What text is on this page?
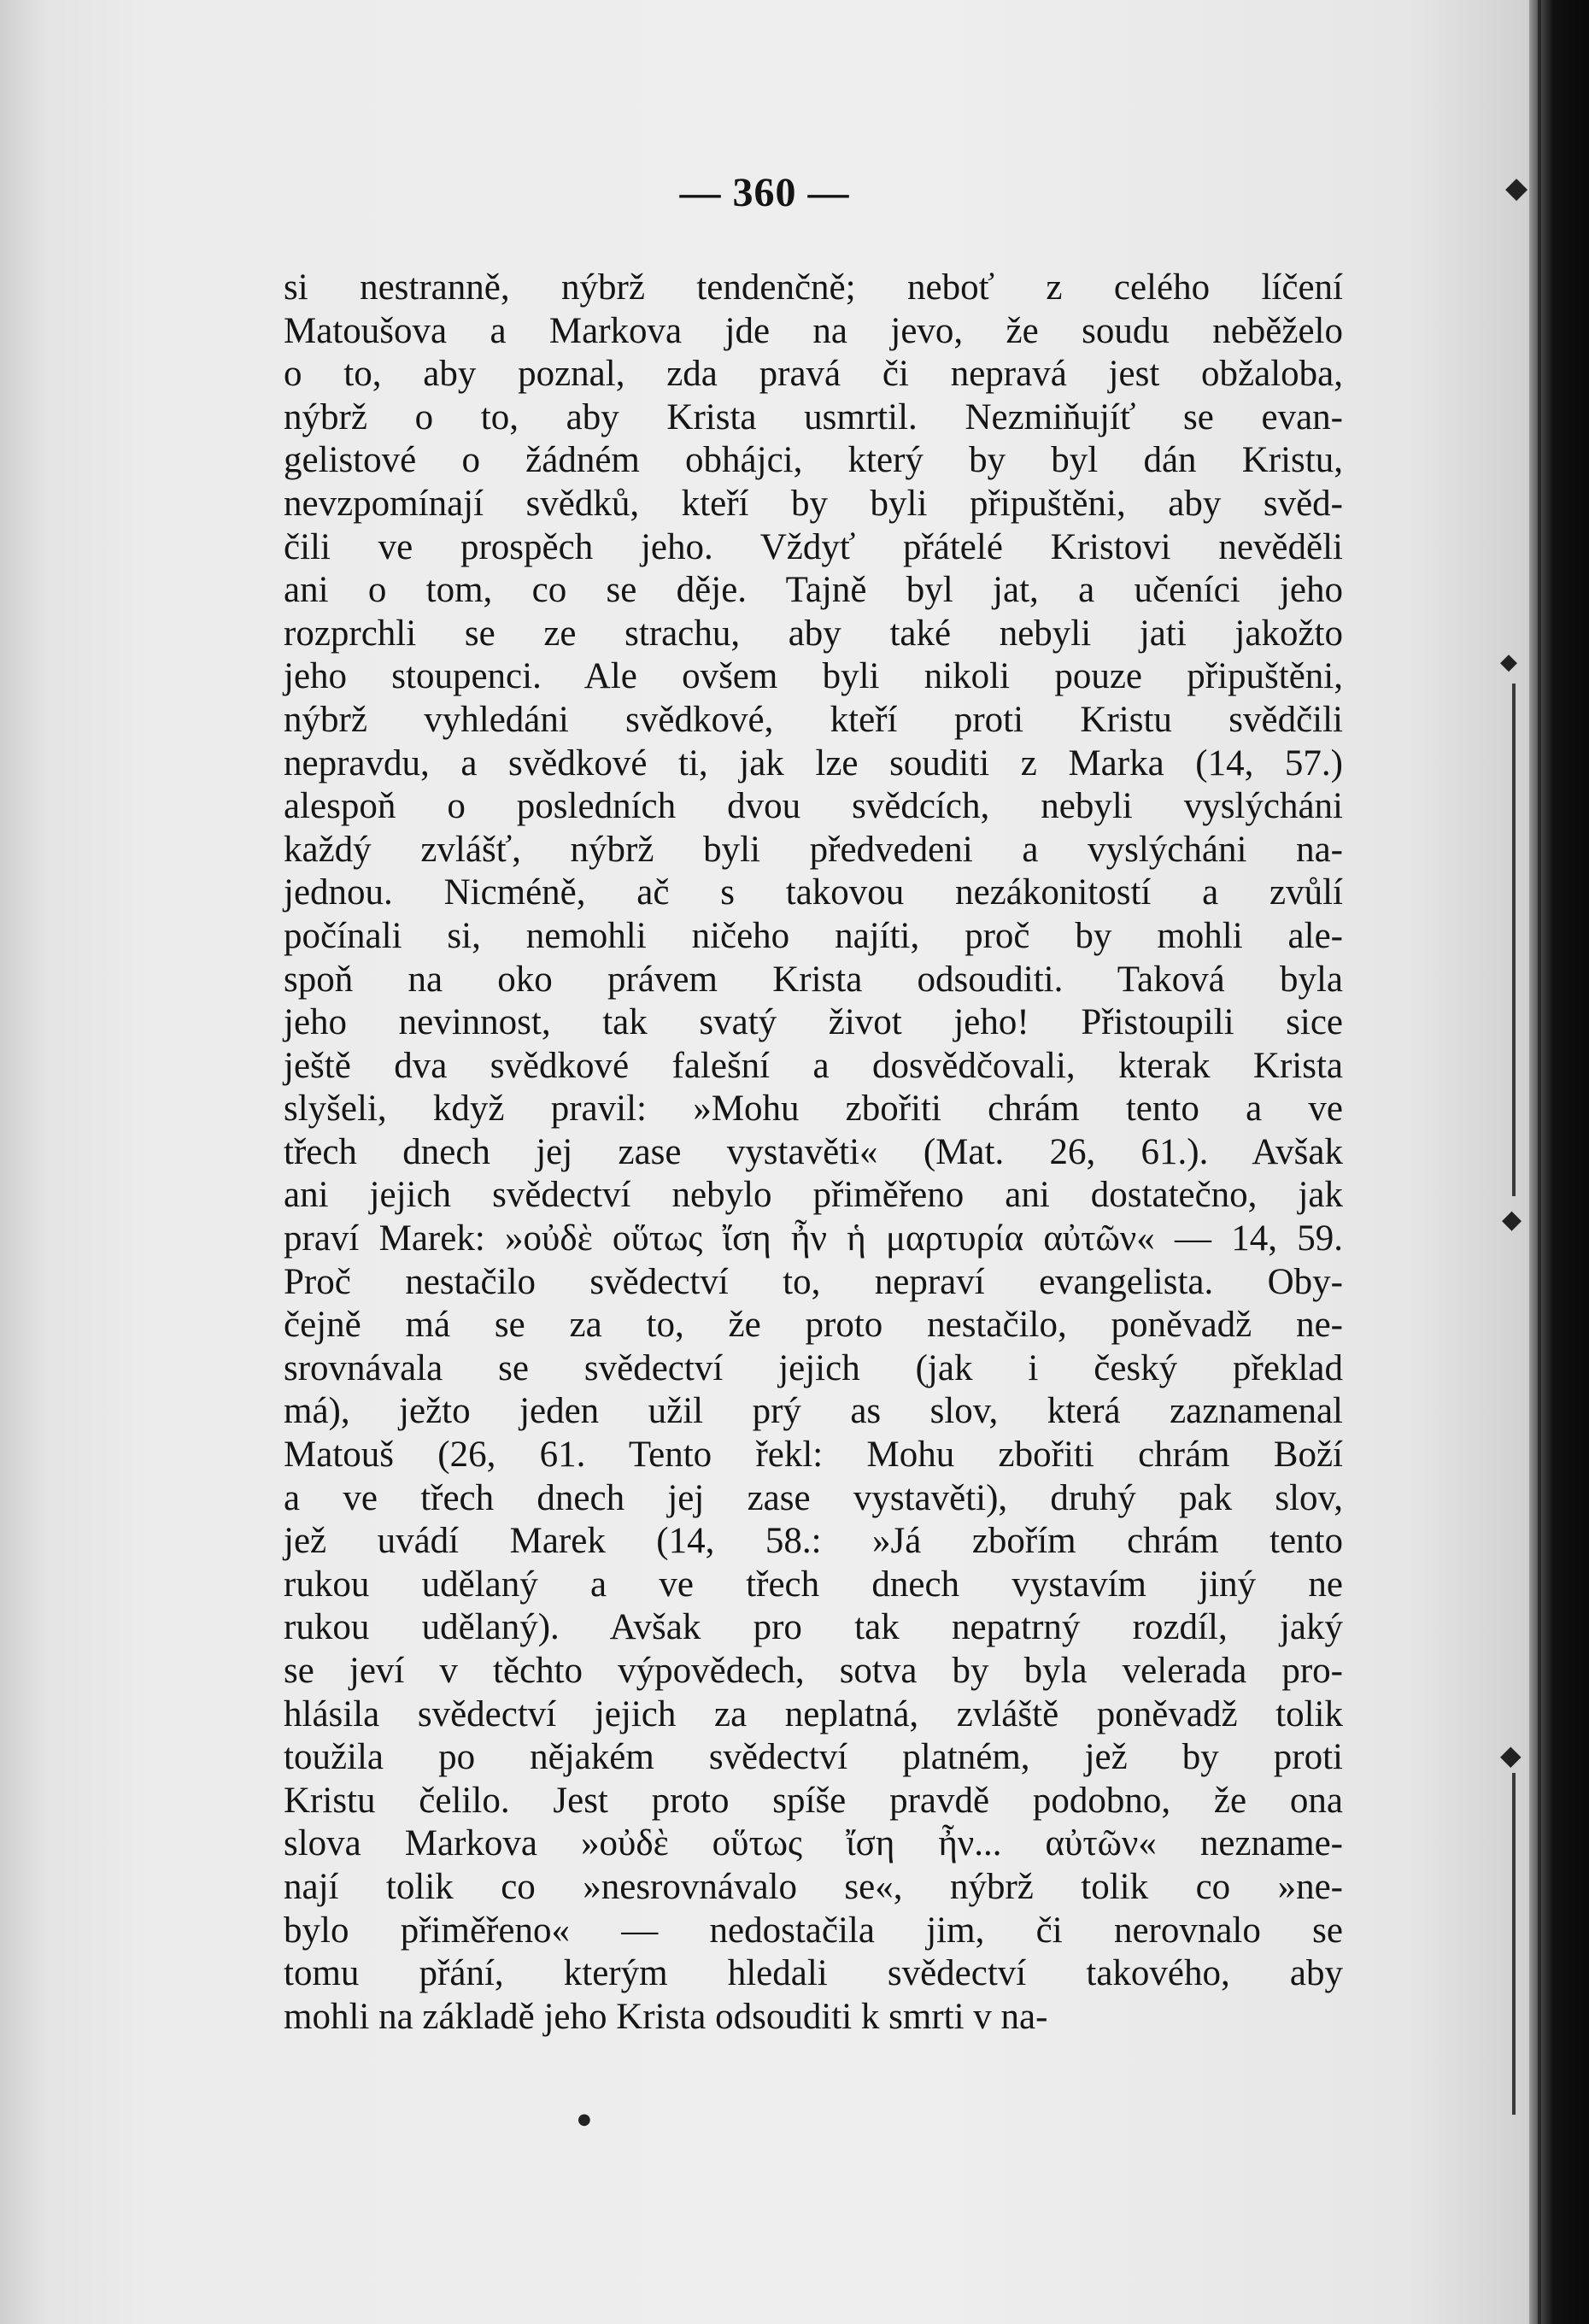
— 360 —
si nestranně, nýbrž tendenčně; neboť z celého líčení
Matoušova a Markova jde na jevo, že soudu neběželo
o to, aby poznal, zda pravá či nepravá jest obžaloba,
nýbrž o to, aby Krista usmrtil. Nezmiňujíť se evan-
gelistové o žádném obhájci, který by byl dán Kristu,
nevzpomínají svědků, kteří by byli připuštěni, aby svěd-
čili ve prospěch jeho. Vždyť přátelé Kristovi nevěděli
ani o tom, co se děje. Tajně byl jat, a učeníci jeho
rozprchli se ze strachu, aby také nebyli jati jakožto
jeho stoupenci. Ale ovšem byli nikoli pouze připuštěni,
nýbrž vyhledáni svědkové, kteří proti Kristu svědčili
nepravdu, a svědkové ti, jak lze souditi z Marka (14, 57.)
alespoň o posledních dvou svědcích, nebyli vyslýcháni
každý zvlášť, nýbrž byli předvedeni a vyslýcháni na-
jednou. Nicméně, ač s takovou nezákonitostí a zvůlí
počínali si, nemohli ničeho najíti, proč by mohli ale-
spoň na oko právem Krista odsouditi. Taková byla
jeho nevinnost, tak svatý život jeho! Přistoupili sice
ještě dva svědkové falešní a dosvědčovali, kterak Krista
slyšeli, když pravil: »Mohu zbořiti chrám tento a ve
třech dnech jej zase vystavěti« (Mat. 26, 61.). Avšak
ani jejich svědectví nebylo přiměřeno ani dostatečno, jak
praví Marek: »οὐδὲ οὕτως ἴση ἦν ἡ μαρτυρία αὐτῶν« — 14, 59.
Proč nestačilo svědectví to, nepraví evangelista. Oby-
čejně má se za to, že proto nestačilo, poněvadž ne-
srovnávala se svědectví jejich (jak i český překlad
má), ježto jeden užil prý as slov, která zaznamenal
Matouš (26, 61. Tento řekl: Mohu zbořiti chrám Boží
a ve třech dnech jej zase vystavěti), druhý pak slov,
jež uvádí Marek (14, 58.: »Já zbořím chrám tento
rukou udělaný a ve třech dnech vystavím jiný ne
rukou udělaný). Avšak pro tak nepatrný rozdíl, jaký
se jeví v těchto výpovědech, sotva by byla velerada pro-
hlásila svědectví jejich za neplatná, zvláště poněvadž tolik
toužila po nějakém svědectví platném, jež by proti
Kristu čelilo. Jest proto spíše pravdě podobno, že ona
slova Markova »οὐδὲ οὕτως ἴση ἦν... αὐτῶν« neznamе-
nají tolik co »nesrovnávalo se«, nýbrž tolik co »ne-
bylo přiměřeno« — nedostačila jim, či nerovnalo se
tomu přání, kterým hledali svědectví takového, aby
mohli na základě jeho Krista odsouditi k smrti v na-
◆
◆
◆
◆
●
